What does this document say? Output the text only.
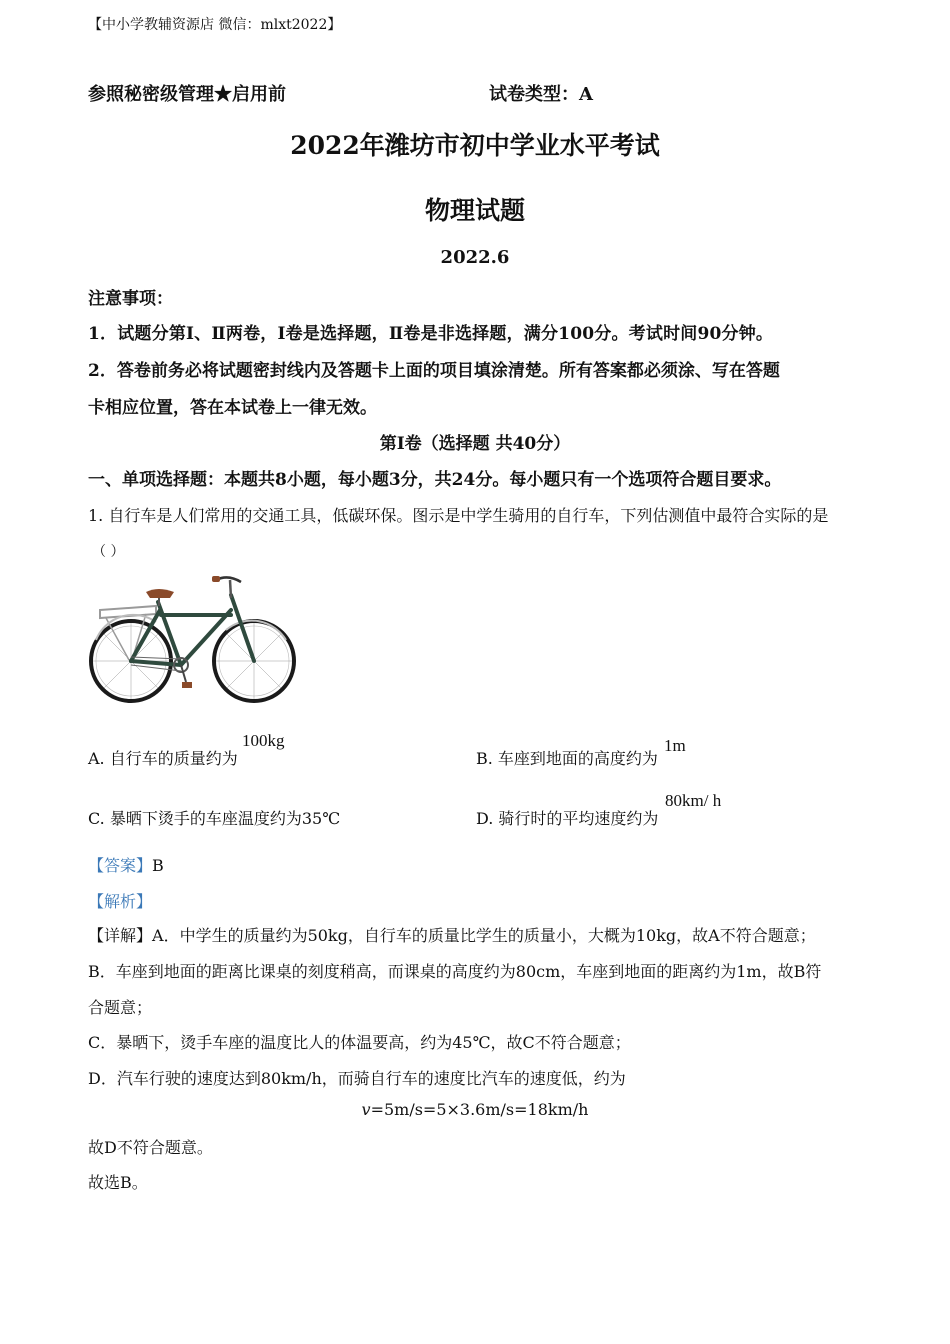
【中小学教辅资源店 微信：mlxt2022】
参照秘密级管理★启用前	试卷类型：A
2022年潍坊市初中学业水平考试
物理试题
2022.6
注意事项：
1．试题分第Ⅰ、Ⅱ两卷，Ⅰ卷是选择题，Ⅱ卷是非选择题，满分100分。考试时间90分钟。
2．答卷前务必将试题密封线内及答题卡上面的项目填涂清楚。所有答案都必须涂、写在答题
卡相应位置，答在本试卷上一律无效。
第Ⅰ卷（选择题 共40分）
一、单项选择题：本题共8小题，每小题3分，共24分。每小题只有一个选项符合题目要求。
1. 自行车是人们常用的交通工具，低碳环保。图示是中学生骑用的自行车，下列估测值中最符合实际的是
（ ）
A. 自行车的质量约为
100kg
B. 车座到地面的高度约为
1m
C. 暴晒下烫手的车座温度约为35℃	D. 骑行时的平均速度约为
80km/ h
【答案】B
【解析】
【详解】A．中学生的质量约为50kg，自行车的质量比学生的质量小，大概为10kg，故A不符合题意；
B．车座到地面的距离比课桌的刻度稍高，而课桌的高度约为80cm，车座到地面的距离约为1m，故B符
合题意；
C．暴晒下，烫手车座的温度比人的体温要高，约为45℃，故C不符合题意；
D．汽车行驶的速度达到80km/h，而骑自行车的速度比汽车的速度低，约为
v=5m/s=5×3.6m/s=18km/h
故D不符合题意。
故选B。
